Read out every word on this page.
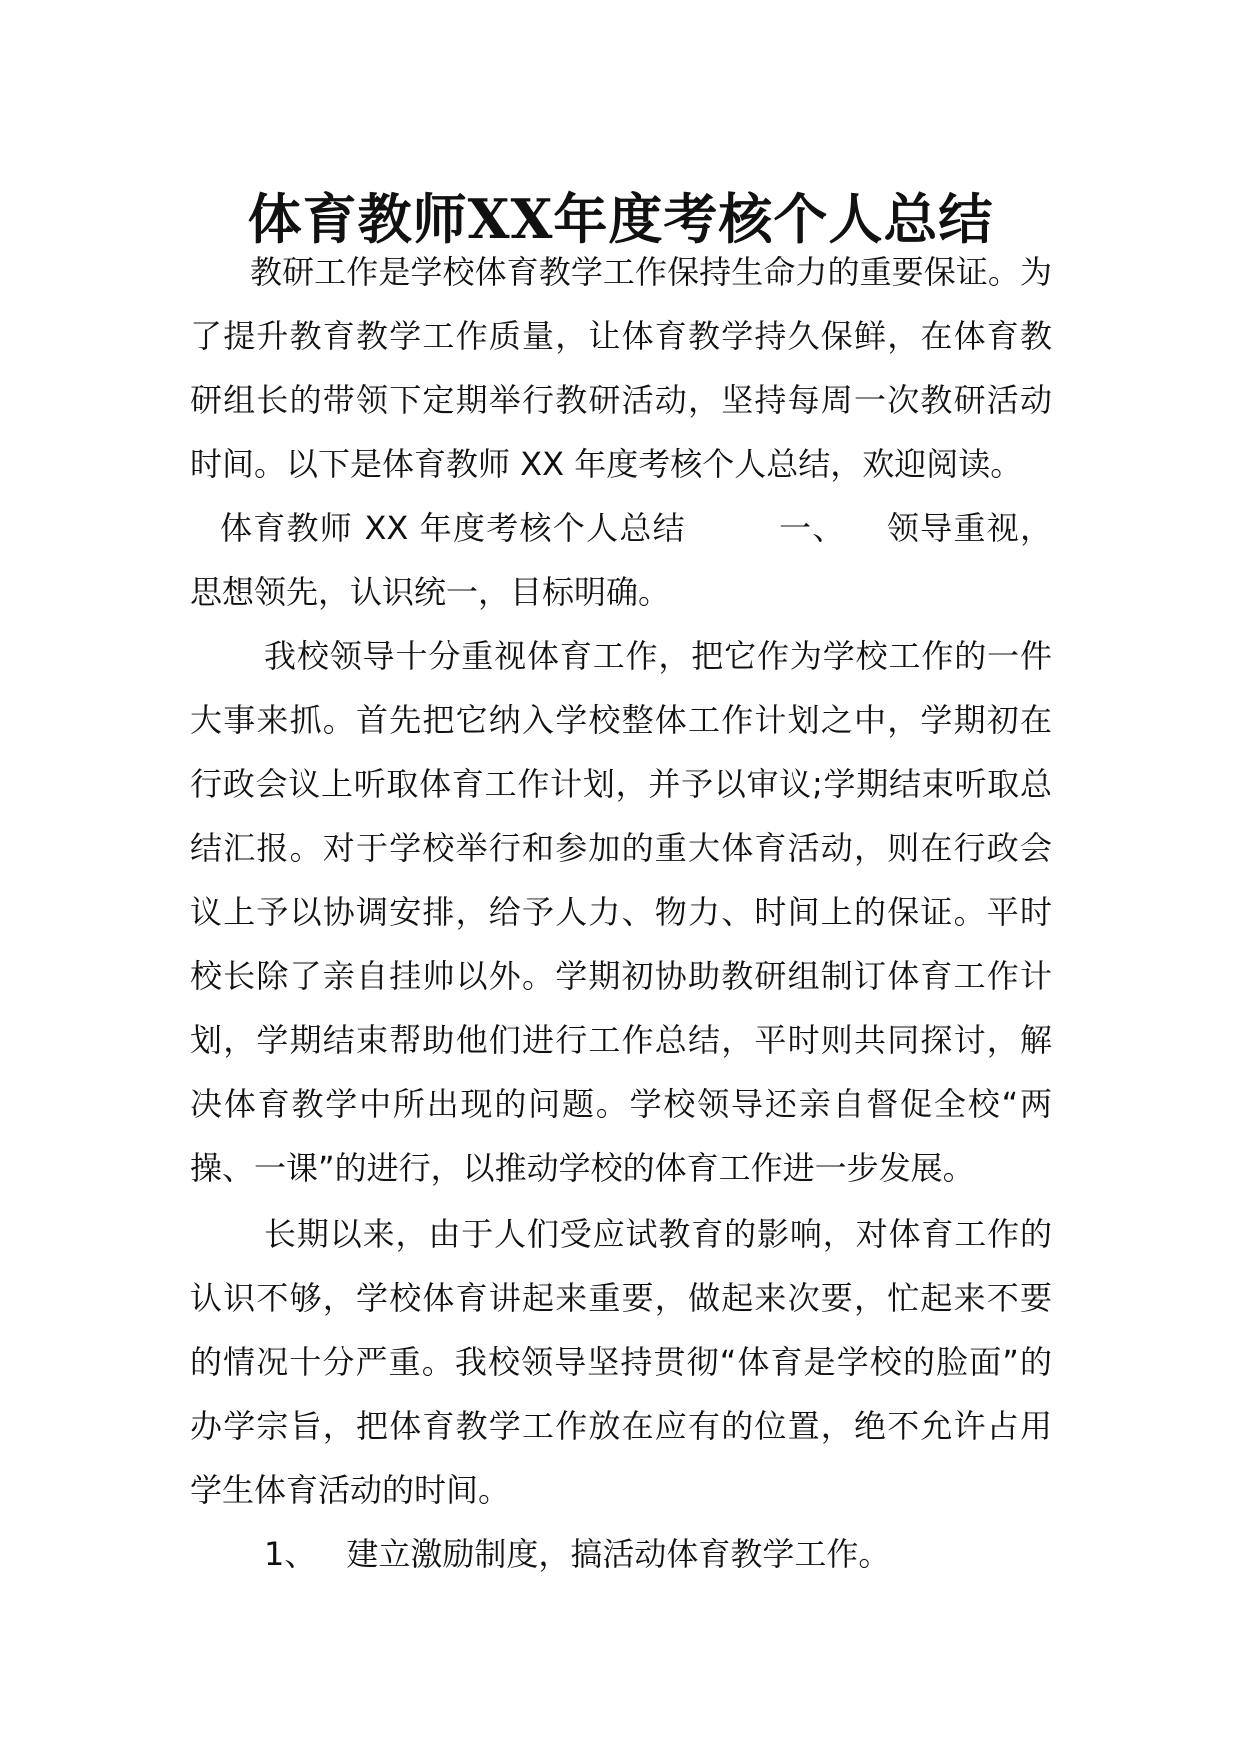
体育教师XX年度考核个人总结

教研工作是学校体育教学工作保持生命力的重要保证。为了提升教育教学工作质量，让体育教学持久保鲜，在体育教研组长的带领下定期举行教研活动，坚持每周一次教研活动时间。以下是体育教师 XX 年度考核个人总结，欢迎阅读。

体育教师 XX 年度考核个人总结	一、 领导重视，思想领先，认识统一，目标明确。

我校领导十分重视体育工作，把它作为学校工作的一件大事来抓。首先把它纳入学校整体工作计划之中，学期初在行政会议上听取体育工作计划，并予以审议;学期结束听取总结汇报。对于学校举行和参加的重大体育活动，则在行政会议上予以协调安排，给予人力、物力、时间上的保证。平时校长除了亲自挂帅以外。学期初协助教研组制订体育工作计划，学期结束帮助他们进行工作总结，平时则共同探讨，解决体育教学中所出现的问题。学校领导还亲自督促全校“两操、一课”的进行，以推动学校的体育工作进一步发展。

长期以来，由于人们受应试教育的影响，对体育工作的认识不够，学校体育讲起来重要，做起来次要，忙起来不要的情况十分严重。我校领导坚持贯彻“体育是学校的脸面”的办学宗旨，把体育教学工作放在应有的位置，绝不允许占用学生体育活动的时间。

1、 建立激励制度，搞活动体育教学工作。
